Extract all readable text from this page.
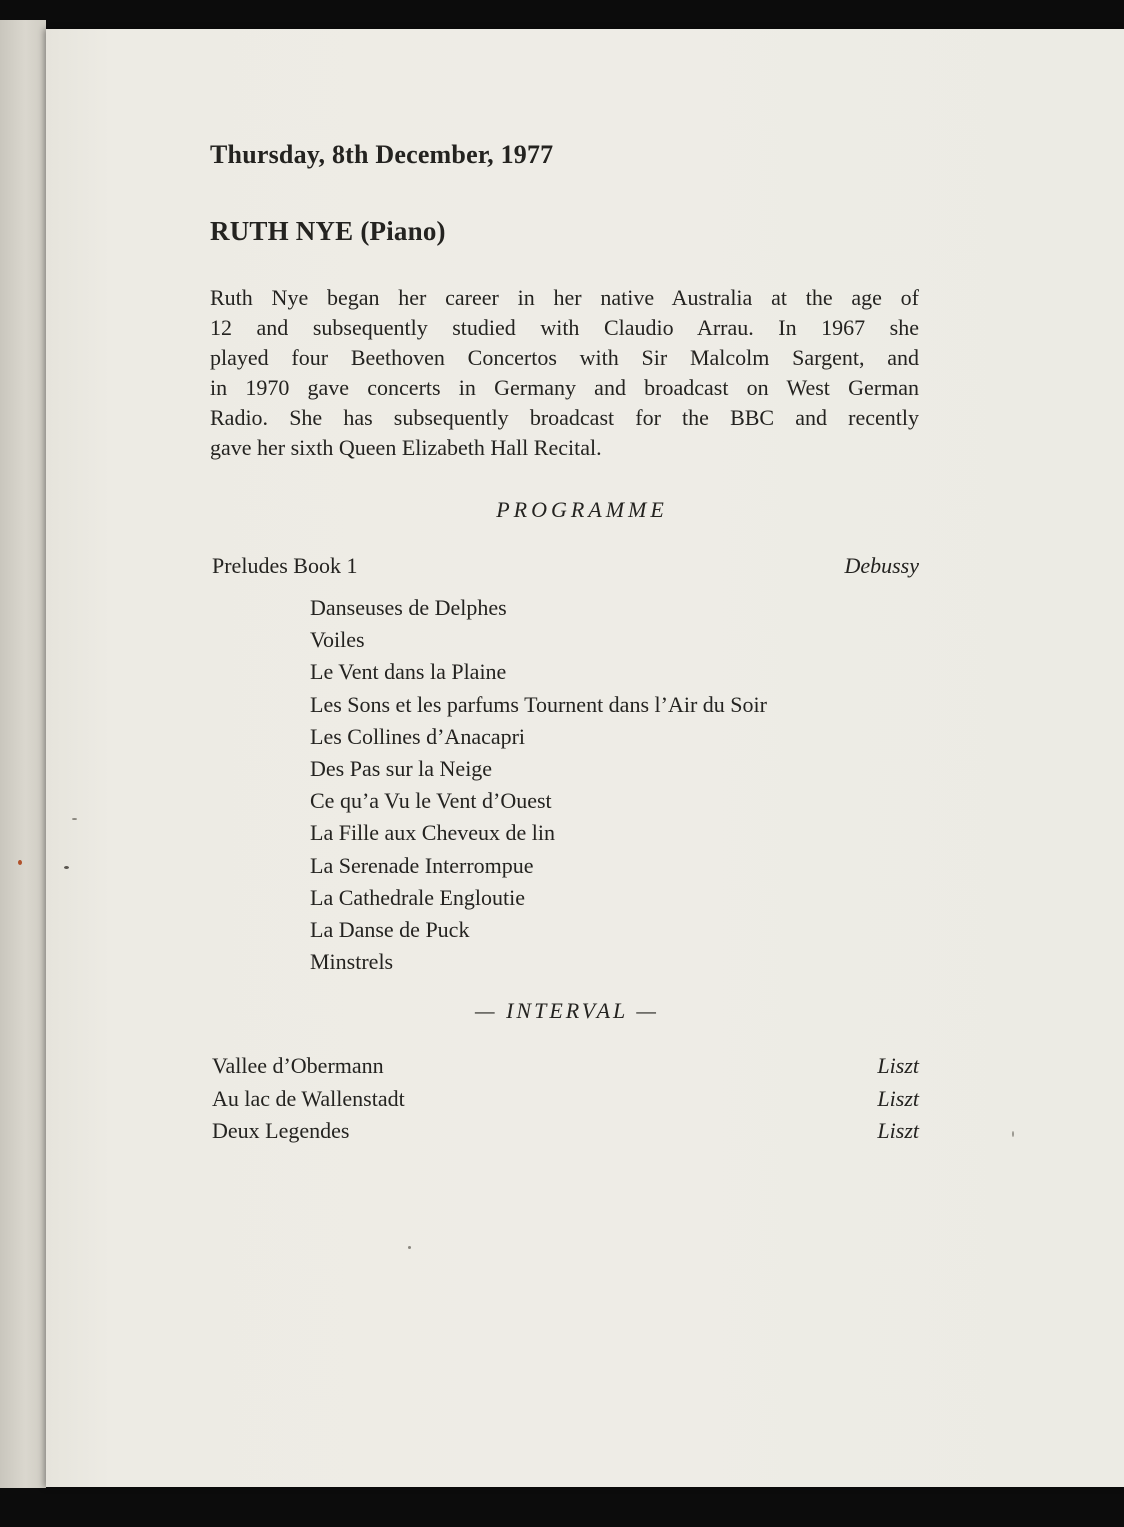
Thursday, 8th December, 1977
RUTH NYE (Piano)

Ruth Nye began her career in her native Australia at the age of
12 and subsequently studied with Claudio Arrau. In 1967 she
played four Beethoven Concertos with Sir Malcolm Sargent, and
in 1970 gave concerts in Germany and broadcast on West German
Radio. She has subsequently broadcast for the BBC and recently
gave her sixth Queen Elizabeth Hall Recital.

PROGRAMME
Preludes Book 1	Debussy
Danseuses de Delphes
Voiles
Le Vent dans la Plaine
Les Sons et les parfums Tournent dans l’Air du Soir
Les Collines d’Anacapri
Des Pas sur la Neige
Ce qu’a Vu le Vent d’Ouest
La Fille aux Cheveux de lin
La Serenade Interrompue
La Cathedrale Engloutie
La Danse de Puck
Minstrels
— INTERVAL —
Vallee d’Obermann	Liszt
Au lac de Wallenstadt	Liszt
Deux Legendes	Liszt
